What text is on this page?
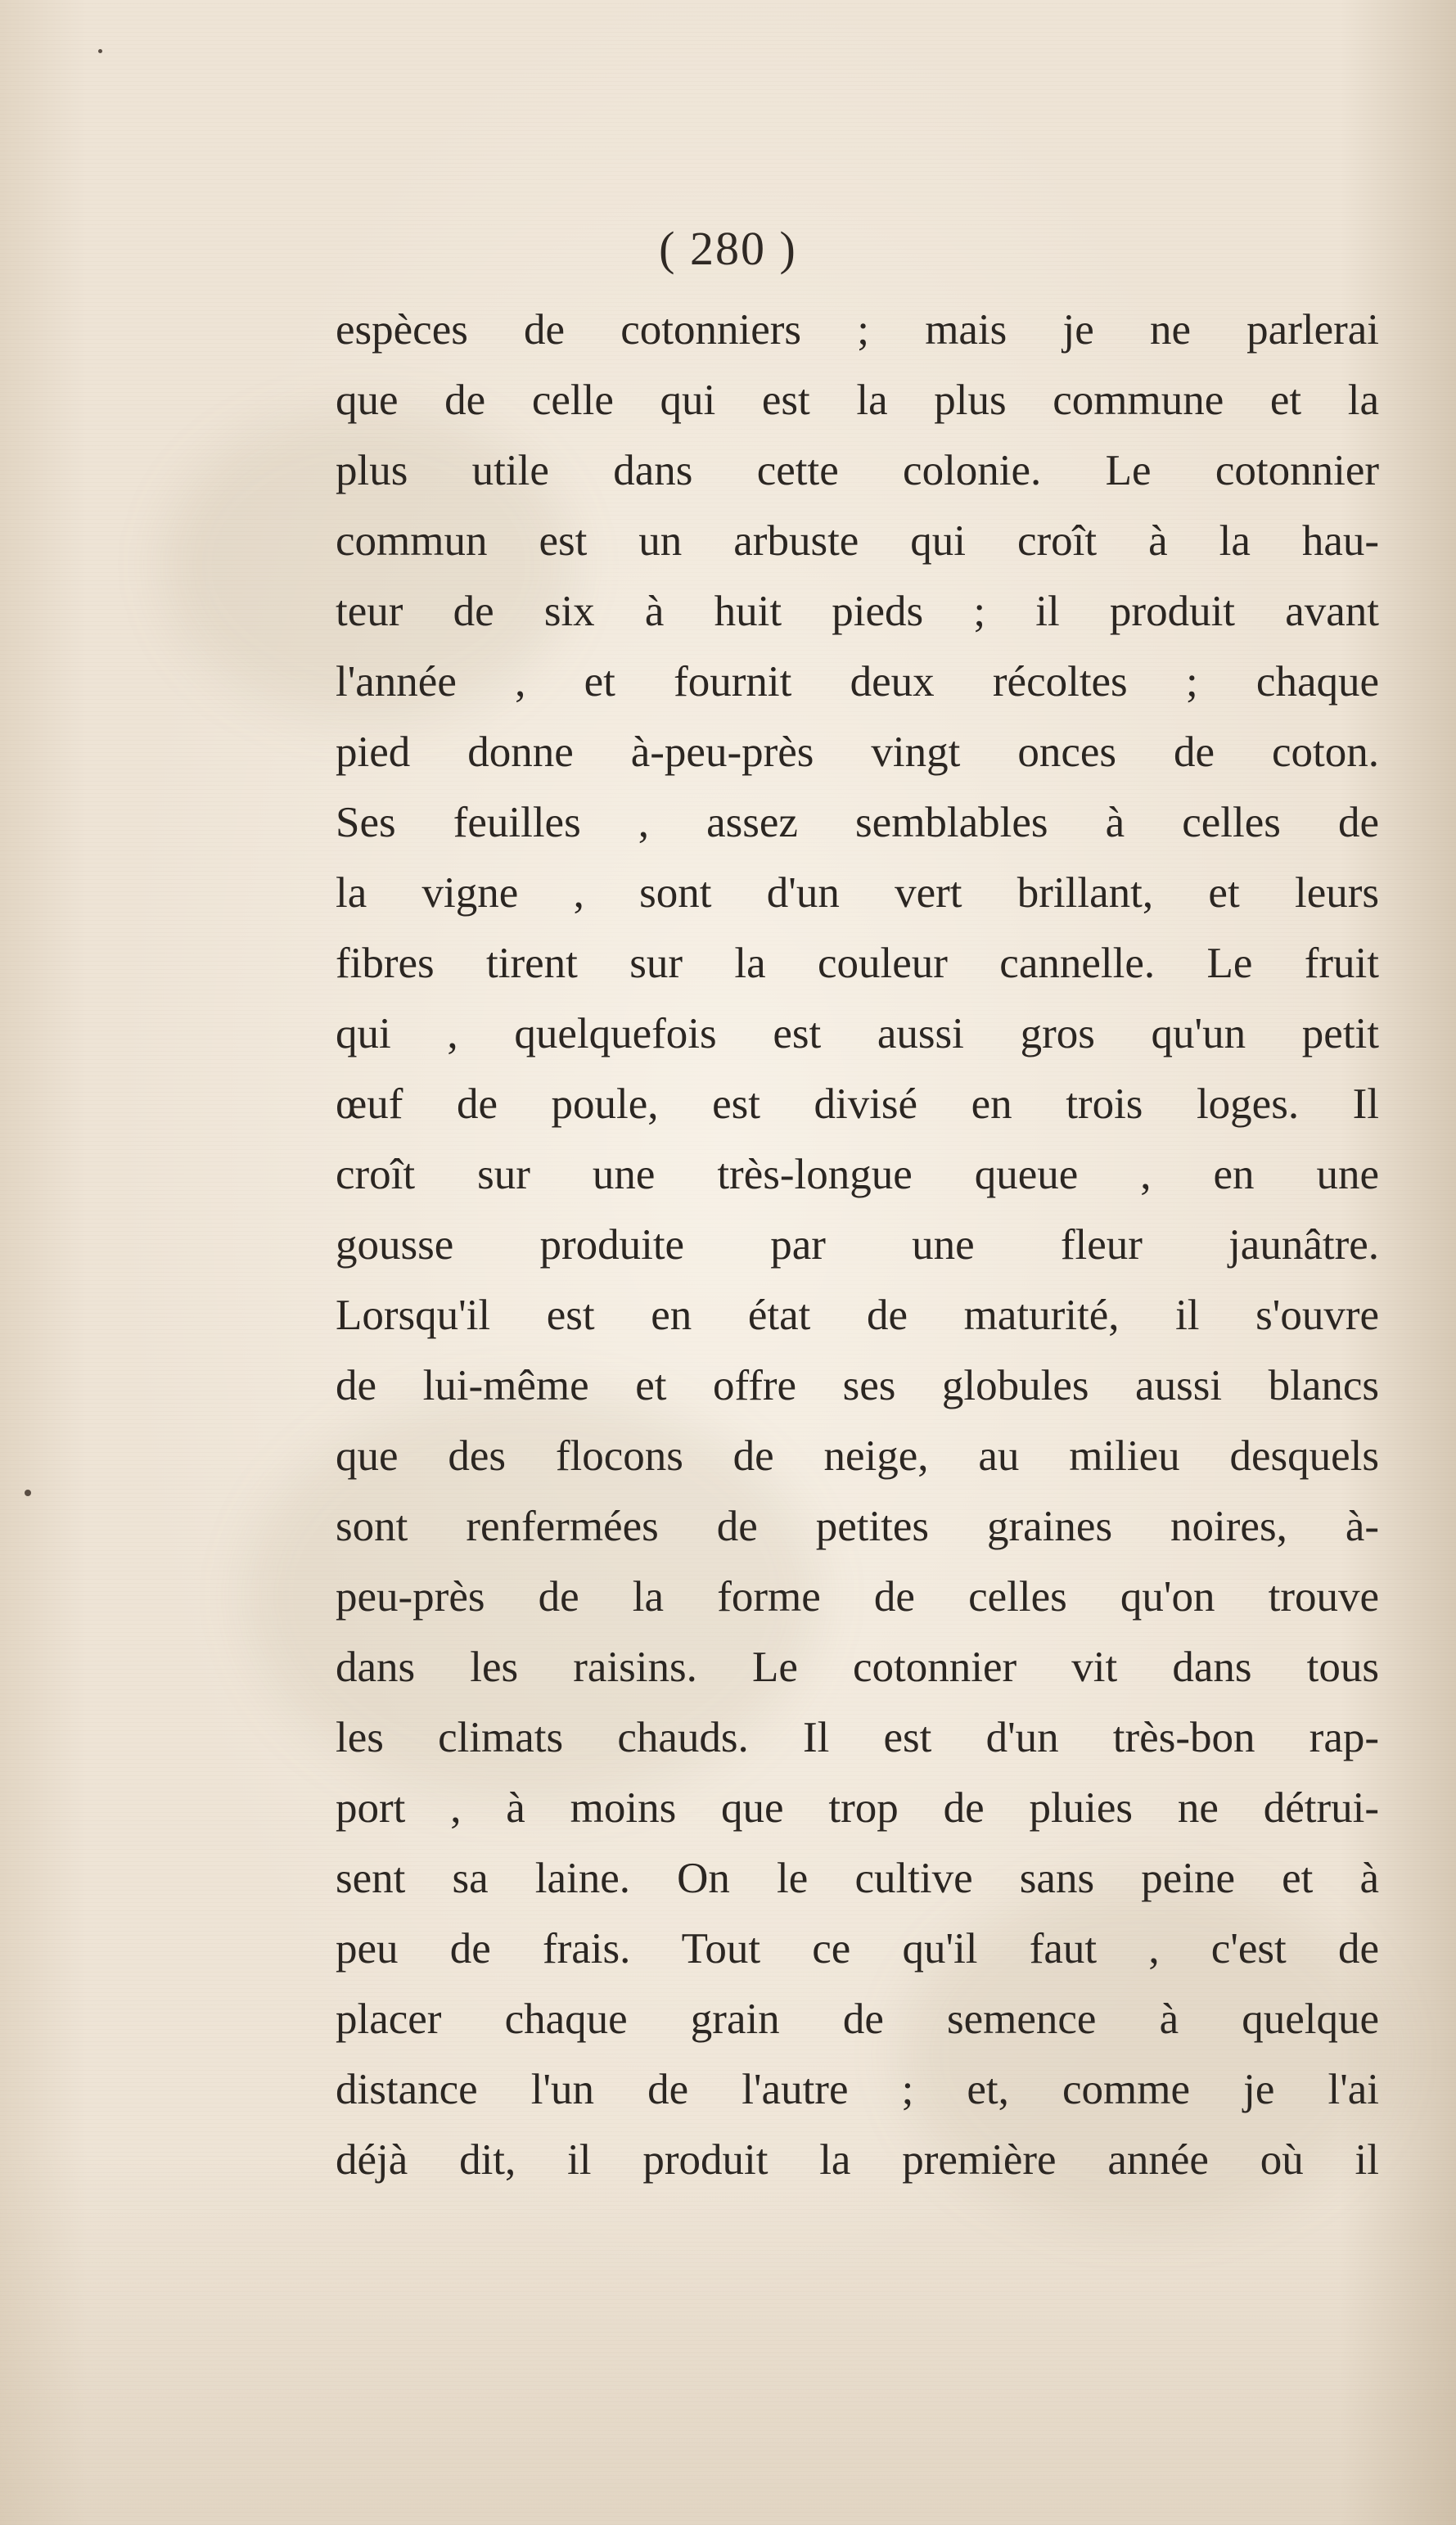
( 280 )
espèces de cotonniers ; mais je ne parlerai
que de celle qui est la plus commune et la
plus utile dans cette colonie. Le cotonnier
commun est un arbuste qui croît à la hau-
teur de six à huit pieds ; il produit avant
l'année , et fournit deux récoltes ; chaque
pied donne à-peu-près vingt onces de coton.
Ses feuilles , assez semblables à celles de
la vigne , sont d'un vert brillant, et leurs
fibres tirent sur la couleur cannelle. Le fruit
qui , quelquefois est aussi gros qu'un petit
œuf de poule, est divisé en trois loges. Il
croît sur une très-longue queue , en une
gousse produite par une fleur jaunâtre.
Lorsqu'il est en état de maturité, il s'ouvre
de lui-même et offre ses globules aussi blancs
que des flocons de neige, au milieu desquels
sont renfermées de petites graines noires, à-
peu-près de la forme de celles qu'on trouve
dans les raisins. Le cotonnier vit dans tous
les climats chauds. Il est d'un très-bon rap-
port , à moins que trop de pluies ne détrui-
sent sa laine. On le cultive sans peine et à
peu de frais. Tout ce qu'il faut , c'est de
placer chaque grain de semence à quelque
distance l'un de l'autre ; et, comme je l'ai
déjà dit, il produit la première année où il
